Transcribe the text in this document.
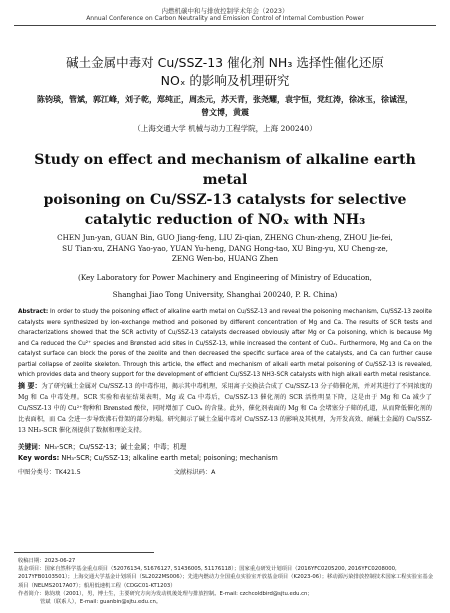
内燃机碳中和与排放控制学术年会（2023）
Annual Conference on Carbon Neutrality and Emission Control of Internal Combustion Power
碱土金属中毒对 Cu/SSZ-13 催化剂 NH₃ 选择性催化还原
NOₓ 的影响及机理研究
陈钧琰，管斌，郭江峰，刘子乾，郑纯正，周杰元，苏天青，张尧耀，袁宇恒，党红涛，徐冰玉，徐诚涅，
曾文博，黄震
（上海交通大学 机械与动力工程学院，上海 200240）
Study on effect and mechanism of alkaline earth metal
poisoning on Cu/SSZ-13 catalysts for selective
catalytic reduction of NOₓ with NH₃
CHEN Jun-yan, GUAN Bin, GUO Jiang-feng, LIU Zi-qian, ZHENG Chun-zheng, ZHOU Jie-fei,
SU Tian-xu, ZHANG Yao-yao, YUAN Yu-heng, DANG Hong-tao, XU Bing-yu, XU Cheng-ze,
ZENG Wen-bo, HUANG Zhen
(Key Laboratory for Power Machinery and Engineering of Ministry of Education,
Shanghai Jiao Tong University, Shanghai 200240, P. R. China)
Abstract: In order to study the poisoning effect of alkaline earth metal on Cu/SSZ-13 and reveal the poisoning mechanism, Cu/SSZ-13 zeolite catalysts were synthesized by ion-exchange method and poisoned by different concentration of Mg and Ca. The results of SCR tests and characterizations showed that the SCR activity of Cu/SSZ-13 catalysts decreased obviously after Mg or Ca poisoning, which is because Mg and Ca reduced the Cu²⁺ species and Brønsted acid sites in Cu/SSZ-13, while increased the content of CuOₓ. Furthermore, Mg and Ca on the catalyst surface can block the pores of the zeolite and then decreased the specific surface area of the catalysts, and Ca can further cause partial collapse of zeolite skeleton. Through this article, the effect and mechanism of alkali earth metal poisoning of Cu/SSZ-13 is revealed, which provides data and theory support for the development of efficient Cu/SSZ-13 NH3-SCR catalysts with high alkali earth metal resistance.
摘 要：为了研究碱土金属对 Cu/SSZ-13 的中毒作用，揭示其中毒机理，采用离子交换法合成了 Cu/SSZ-13 分子筛催化剂，并对其进行了不同浓度的 Mg 和 Ca 中毒处理。SCR 实验和表征结果表明，Mg 或 Ca 中毒后，Cu/SSZ-13 催化剂的 SCR 活性明显下降，这是由于 Mg 和 Ca 减少了 Cu/SSZ-13 中的 Cu²⁺物种和 Brønsted 酸位，同时增加了 CuOₓ 的含量。此外，催化剂表面的 Mg 和 Ca 会堵塞分子筛的孔道，从而降低催化剂的比表面积，而 Ca 会进一步导致沸石骨架的部分坍塌。研究揭示了碱土金属中毒对 Cu/SSZ-13 的影响及其机理，为开发高效、耐碱土金属的 Cu/SSZ-13 NH₃-SCR 催化剂提供了数据和理论支持。
关键词：NH₃-SCR；Cu/SSZ-13；碱土金属；中毒；机理
Key words: NH₃-SCR; Cu/SSZ-13; alkaline earth metal; poisoning; mechanism
中图分类号：TK421.5	文献标识码：A
收稿日期：2023-06-27
基金项目：国家自然科学基金重点项目（52076134, 51676127, 51436005, 51176118）；国家重点研发计划项目（2016YFC0205200, 2016YFC0208000, 2017YFB0103501）；上海交通大学基金计划项目（SL2022MS006）；先进内燃动力全国重点实验室开放基金项目（K2023-06）；移动源污染排放控制技术国家工程实验室基金项目（NELMS2017A07）；船用低速机工程（CDGC01-KT1203）
作者简介：陈钧琰（2001），男，博士生，主要研究方向为发动机後处理与排放控制。E-mail: czchcoldbird@sjtu.edu.cn；
管斌（联系人），E-mail: guanbin@sjtu.edu.cn。
